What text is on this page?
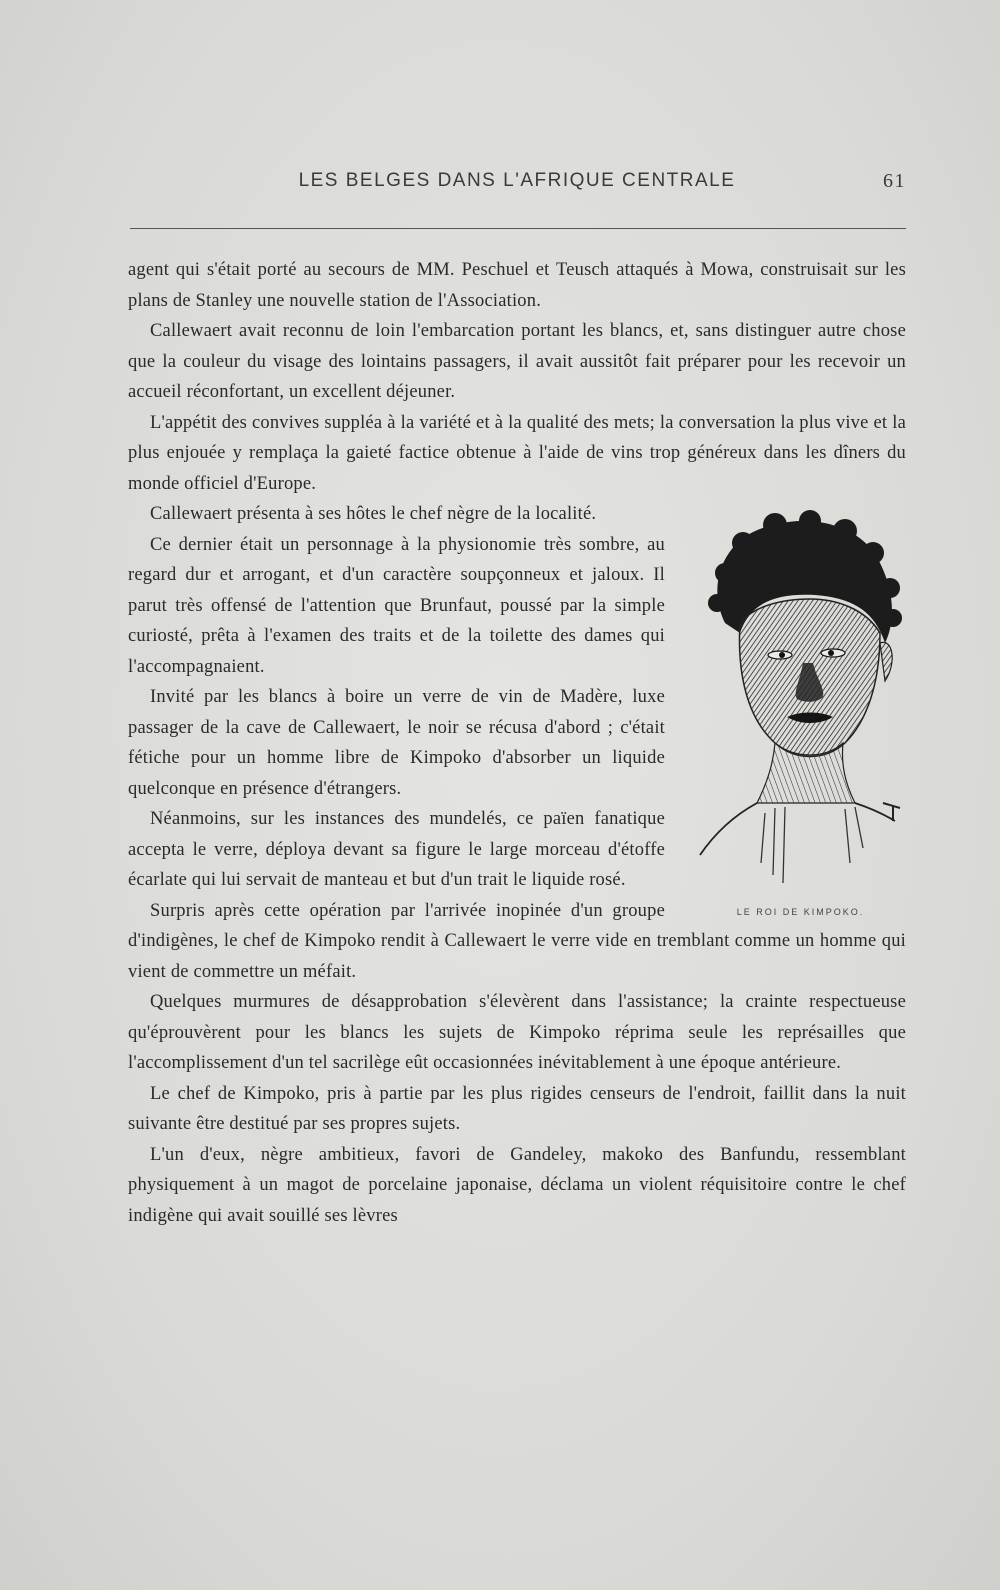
LES BELGES DANS L'AFRIQUE CENTRALE	61

agent qui s'était porté au secours de MM. Peschuel et Teusch attaqués à Mowa, construisait sur les plans de Stanley une nouvelle station de l'Association.

Callewaert avait reconnu de loin l'embarcation portant les blancs, et, sans distinguer autre chose que la couleur du visage des lointains passagers, il avait aussitôt fait préparer pour les recevoir un accueil réconfortant, un excellent déjeuner.

L'appétit des convives suppléa à la variété et à la qualité des mets; la conversation la plus vive et la plus enjouée y remplaça la gaieté factice obtenue à l'aide de vins trop généreux dans les dîners du monde officiel d'Europe.

LE ROI DE KIMPOKO.

Callewaert présenta à ses hôtes le chef nègre de la localité.

Ce dernier était un personnage à la physionomie très sombre, au regard dur et arrogant, et d'un caractère soupçonneux et jaloux. Il parut très offensé de l'attention que Brunfaut, poussé par la simple curiosté, prêta à l'examen des traits et de la toilette des dames qui l'accompagnaient.

Invité par les blancs à boire un verre de vin de Madère, luxe passager de la cave de Callewaert, le noir se récusa d'abord ; c'était fétiche pour un homme libre de Kimpoko d'absorber un liquide quelconque en présence d'étrangers.

Néanmoins, sur les instances des mundelés, ce païen fanatique accepta le verre, déploya devant sa figure le large morceau d'étoffe écarlate qui lui servait de manteau et but d'un trait le liquide rosé.

Surpris après cette opération par l'arrivée inopinée d'un groupe d'indigènes, le chef de Kimpoko rendit à Callewaert le verre vide en tremblant comme un homme qui vient de commettre un méfait.

Quelques murmures de désapprobation s'élevèrent dans l'assistance; la crainte respectueuse qu'éprouvèrent pour les blancs les sujets de Kimpoko réprima seule les représailles que l'accomplissement d'un tel sacrilège eût occasionnées inévitablement à une époque antérieure.

Le chef de Kimpoko, pris à partie par les plus rigides censeurs de l'endroit, faillit dans la nuit suivante être destitué par ses propres sujets.

L'un d'eux, nègre ambitieux, favori de Gandeley, makoko des Banfundu, ressemblant physiquement à un magot de porcelaine japonaise, déclama un violent réquisitoire contre le chef indigène qui avait souillé ses lèvres
